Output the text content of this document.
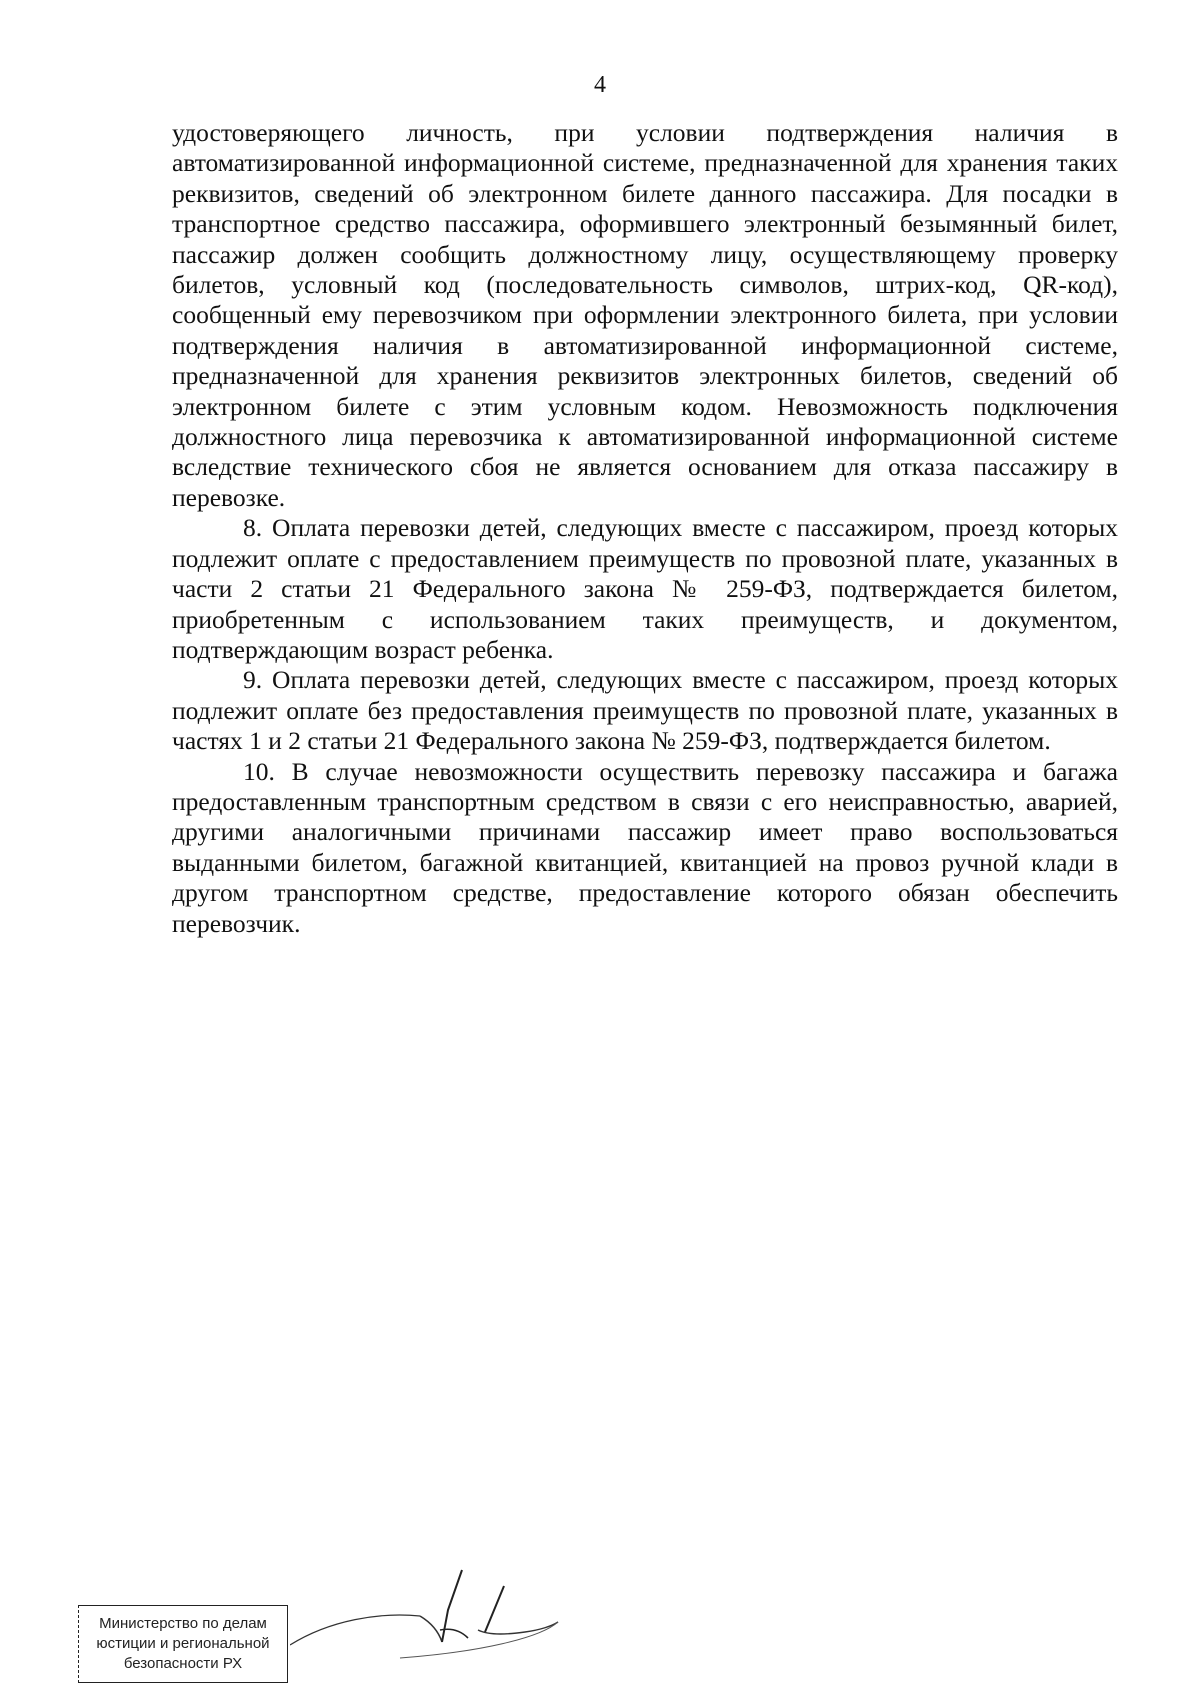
4

удостоверяющего личность, при условии подтверждения наличия в автоматизированной информационной системе, предназначенной для хранения таких реквизитов, сведений об электронном билете данного пассажира. Для посадки в транспортное средство пассажира, оформившего электронный безымянный билет, пассажир должен сообщить должностному лицу, осуществляющему проверку билетов, условный код (последовательность символов, штрих-код, QR-код), сообщенный ему перевозчиком при оформлении электронного билета, при условии подтверждения наличия в автоматизированной информационной системе, предназначенной для хранения реквизитов электронных билетов, сведений об электронном билете с этим условным кодом. Невозможность подключения должностного лица перевозчика к автоматизированной информационной системе вследствие технического сбоя не является основанием для отказа пассажиру в перевозке.

8. Оплата перевозки детей, следующих вместе с пассажиром, проезд которых подлежит оплате с предоставлением преимуществ по провозной плате, указанных в части 2 статьи 21 Федерального закона № 259-ФЗ, подтверждается билетом, приобретенным с использованием таких преимуществ, и документом, подтверждающим возраст ребенка.

9. Оплата перевозки детей, следующих вместе с пассажиром, проезд которых подлежит оплате без предоставления преимуществ по провозной плате, указанных в частях 1 и 2 статьи 21 Федерального закона № 259-ФЗ, подтверждается билетом.

10. В случае невозможности осуществить перевозку пассажира и багажа предоставленным транспортным средством в связи с его неисправностью, аварией, другими аналогичными причинами пассажир имеет право воспользоваться выданными билетом, багажной квитанцией, квитанцией на провоз ручной клади в другом транспортном средстве, предоставление которого обязан обеспечить перевозчик.

Министерство по делам
юстиции и региональной
безопасности РХ
